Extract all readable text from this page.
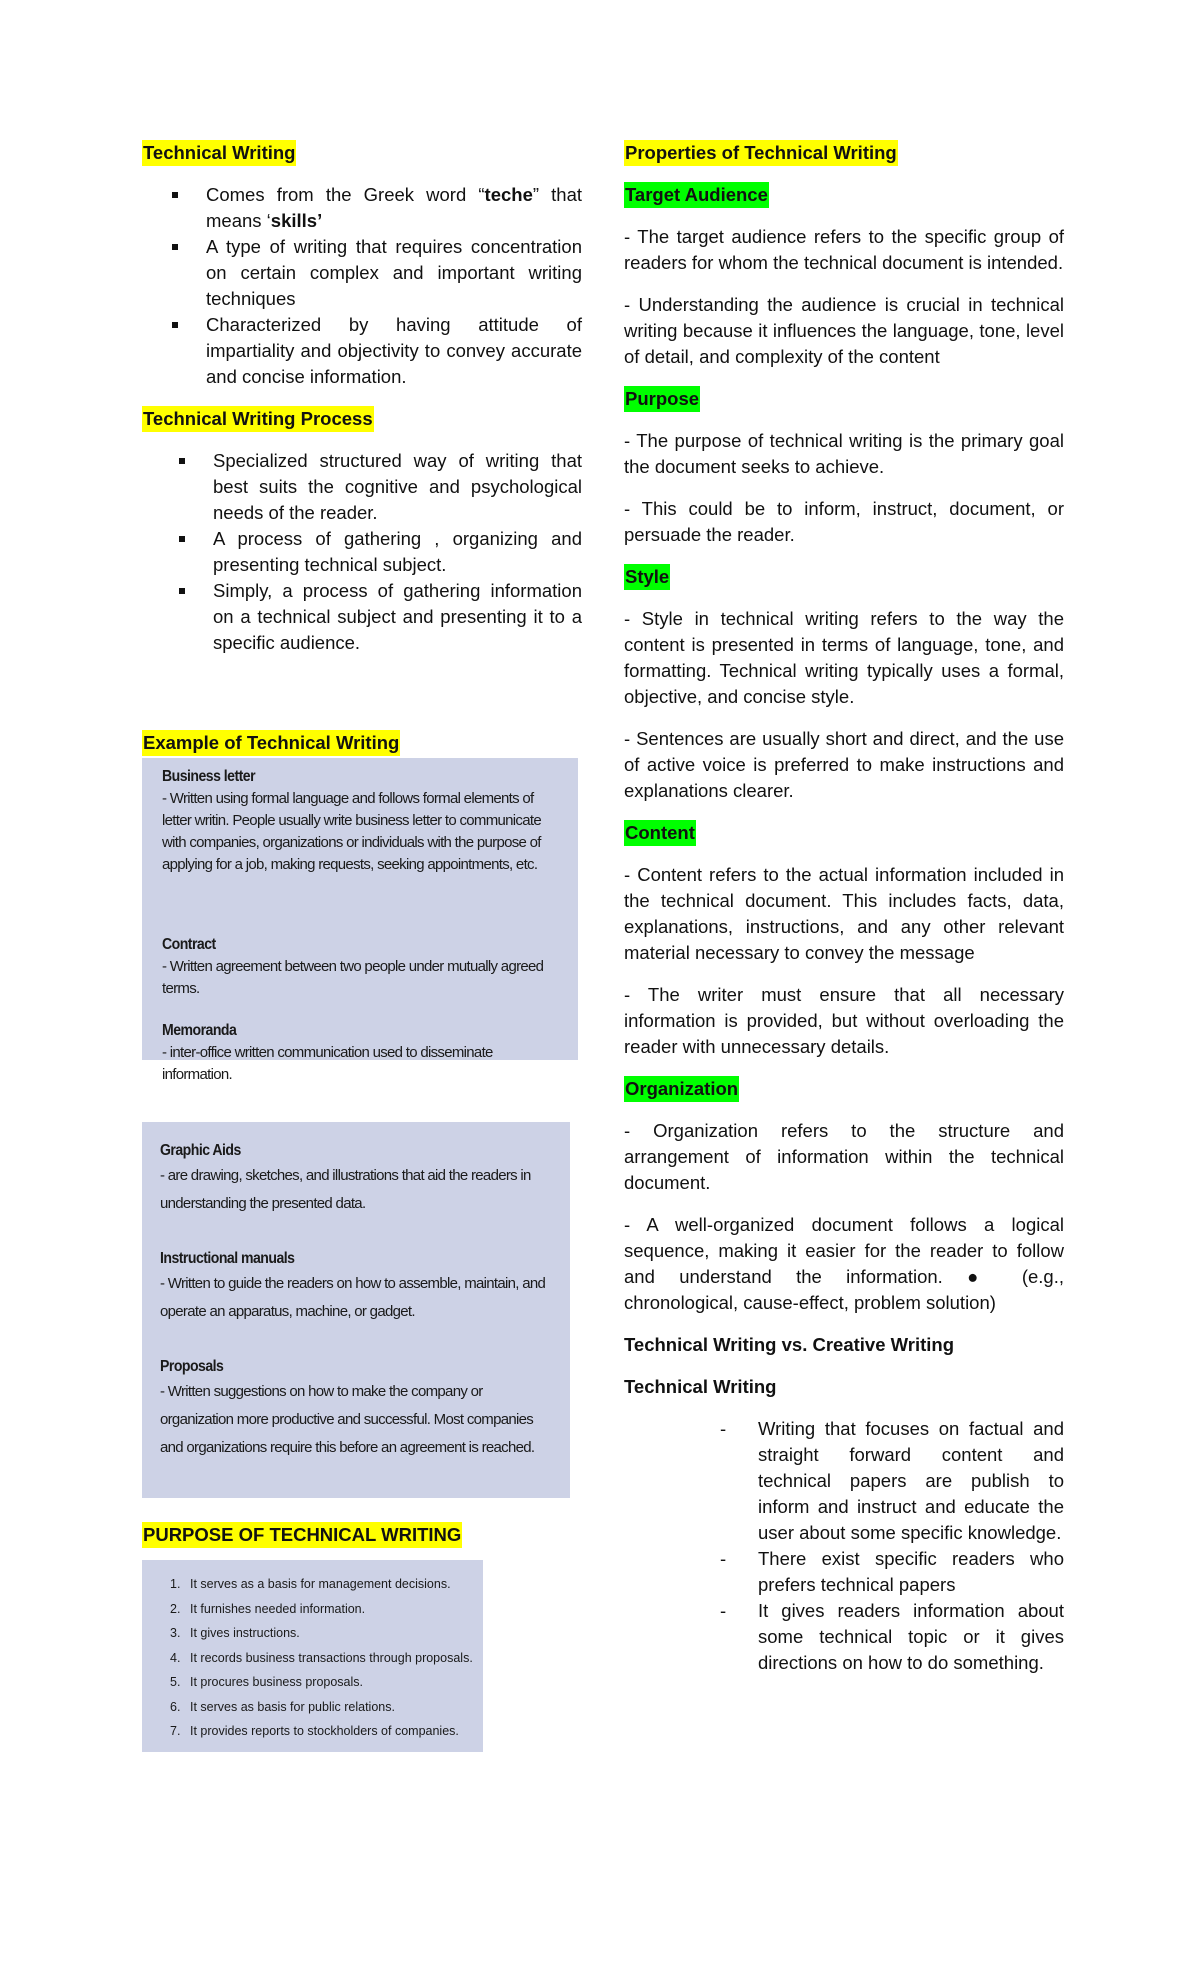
Technical Writing
Comes from the Greek word “teche” that means ‘skills’
A type of writing that requires concentration on certain complex and important writing techniques
Characterized by having attitude of impartiality and objectivity to convey accurate and concise information.
Technical Writing Process
Specialized structured way of writing that best suits the cognitive and psychological needs of the reader.
A process of gathering , organizing and presenting technical subject.
Simply, a process of gathering information on a technical subject and presenting it to a specific audience.
Example of Technical Writing
Business letter
- Written using formal language and follows formal elements of letter writin. People usually write business letter to communicate with companies, organizations or individuals with the purpose of applying for a job, making requests, seeking appointments, etc.
Contract
- Written agreement between two people under mutually agreed terms.
Memoranda
- inter-office written communication used to disseminate information.
Graphic Aids
- are drawing, sketches, and illustrations that aid the readers in understanding the presented data.
Instructional manuals
- Written to guide the readers on how to assemble, maintain, and operate an apparatus, machine, or gadget.
Proposals
- Written suggestions on how to make the company or organization more productive and successful. Most companies and organizations require this before an agreement is reached.
PURPOSE OF TECHNICAL WRITING
1. It serves as a basis for management decisions.
2. It furnishes needed information.
3. It gives instructions.
4. It records business transactions through proposals.
5. It procures business proposals.
6. It serves as basis for public relations.
7. It provides reports to stockholders of companies.
Properties of Technical Writing
Target Audience

- The target audience refers to the specific group of readers for whom the technical document is intended.

- Understanding the audience is crucial in technical writing because it influences the language, tone, level of detail, and complexity of the content

Purpose

- The purpose of technical writing is the primary goal the document seeks to achieve.

- This could be to inform, instruct, document, or persuade the reader.

Style

- Style in technical writing refers to the way the content is presented in terms of language, tone, and formatting. Technical writing typically uses a formal, objective, and concise style.

- Sentences are usually short and direct, and the use of active voice is preferred to make instructions and explanations clearer.

Content

- Content refers to the actual information included in the technical document. This includes facts, data, explanations, instructions, and any other relevant material necessary to convey the message

- The writer must ensure that all necessary information is provided, but without overloading the reader with unnecessary details.

Organization

- Organization refers to the structure and arrangement of information within the technical document.

- A well-organized document follows a logical sequence, making it easier for the reader to follow and understand the information. ● (e.g., chronological, cause-effect, problem solution)

Technical Writing vs. Creative Writing
Technical Writing
- Writing that focuses on factual and straight forward content and technical papers are publish to inform and instruct and educate the user about some specific knowledge.
- There exist specific readers who prefers technical papers
- It gives readers information about some technical topic or it gives directions on how to do something.
